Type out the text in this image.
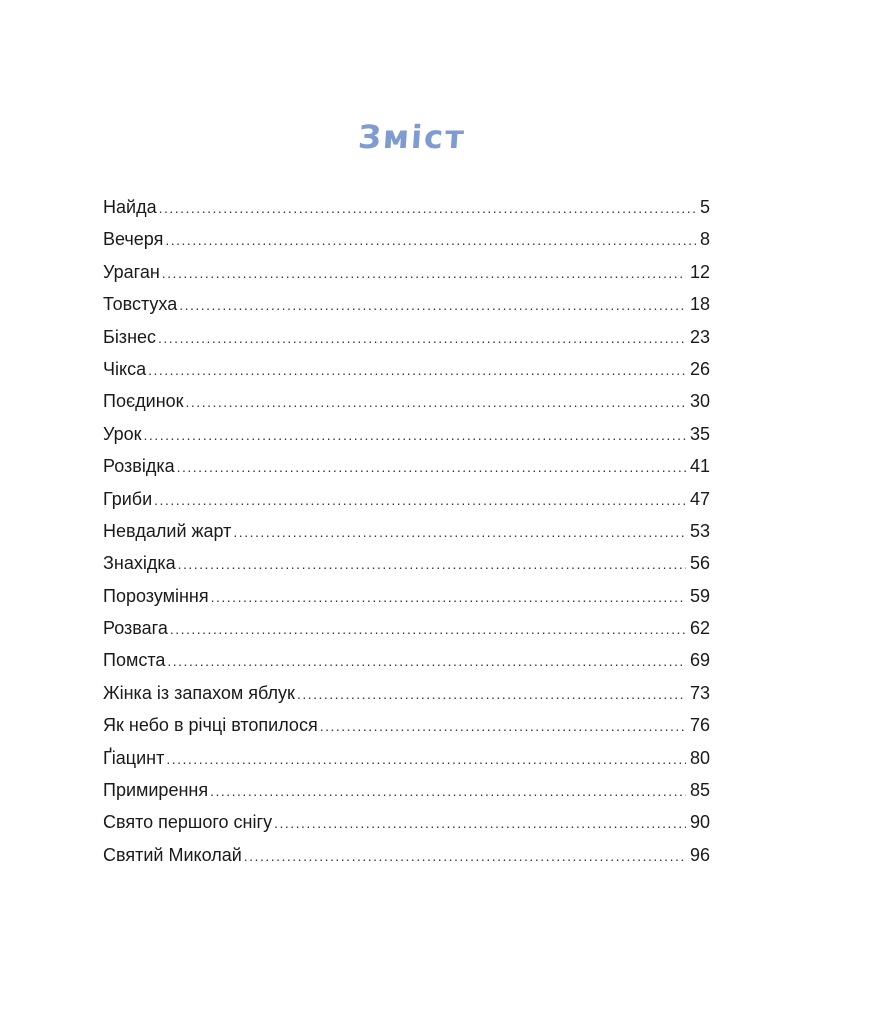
Зміст
Найда .....	5
Вечеря .....	8
Ураган .....	12
Товстуха .....	18
Бізнес .....	23
Чікса .....	26
Поєдинок .....	30
Урок .....	35
Розвідка .....	41
Гриби .....	47
Невдалий жарт .....	53
Знахідка .....	56
Порозуміння .....	59
Розвага .....	62
Помста .....	69
Жінка із запахом яблук .....	73
Як небо в річці втопилося .....	76
Ґіацинт .....	80
Примирення .....	85
Свято першого снігу .....	90
Святий Миколай .....	96
